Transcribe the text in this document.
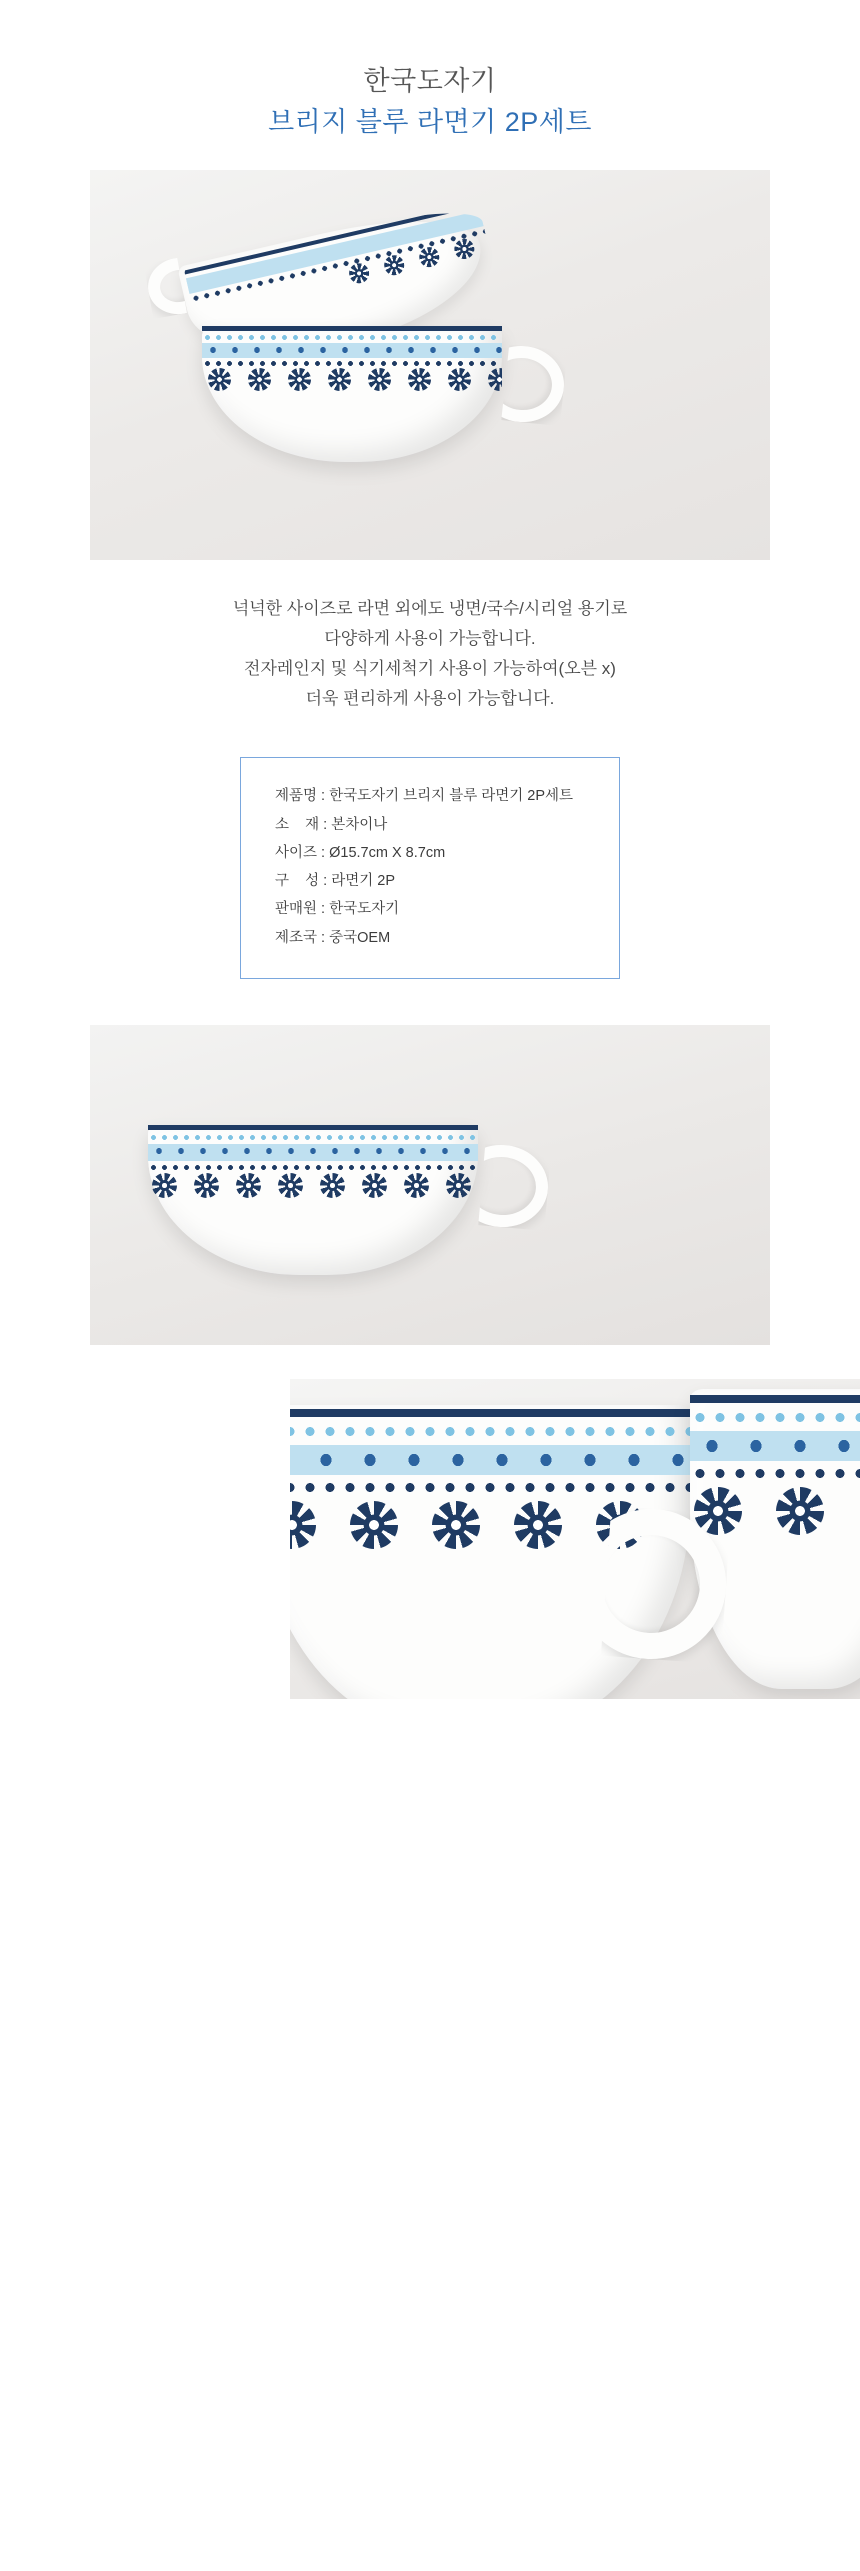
한국도자기
브리지 블루 라면기 2P세트

넉넉한 사이즈로 라면 외에도 냉면/국수/시리얼 용기로

다양하게 사용이 가능합니다.

전자레인지 및 식기세척기 사용이 가능하여(오븐 x)

더욱 편리하게 사용이 가능합니다.

제품명 : 한국도자기 브리지 블루 라면기 2P세트
소    재 : 본차이나
사이즈 : Ø15.7cm X 8.7cm
구    성 : 라면기 2P
판매원 : 한국도자기
제조국 : 중국OEM
